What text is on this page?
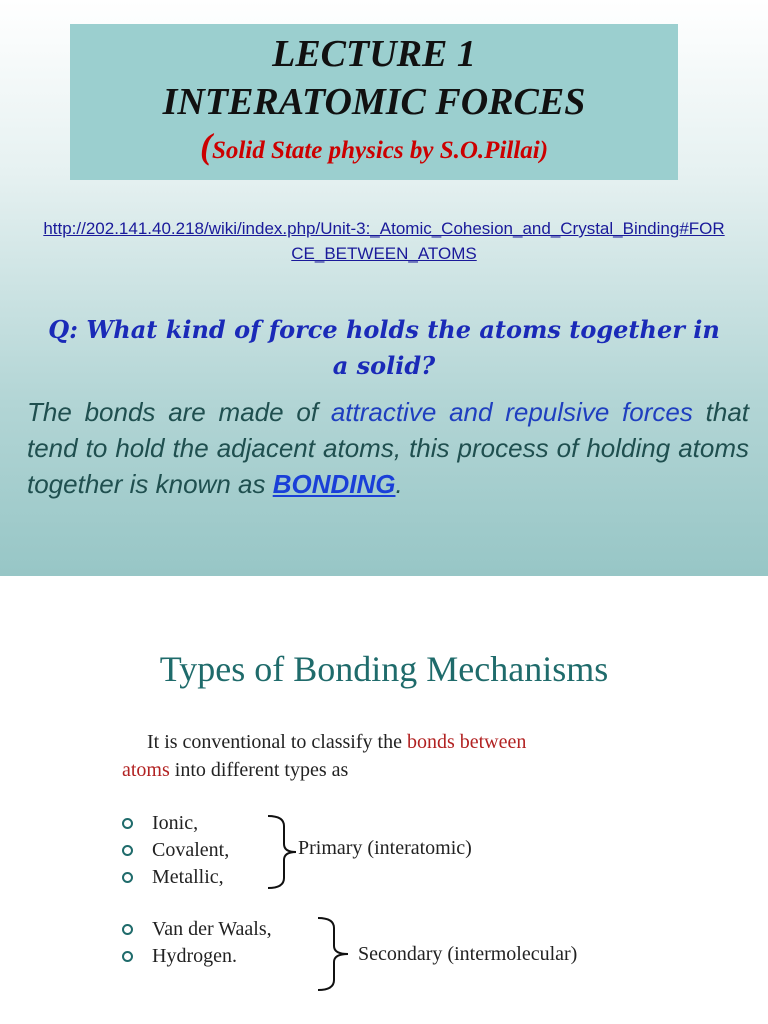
LECTURE 1
INTERATOMIC FORCES
(Solid State physics by S.O.Pillai)
http://202.141.40.218/wiki/index.php/Unit-3:_Atomic_Cohesion_and_Crystal_Binding#FORCE_BETWEEN_ATOMS
Q: What kind of force holds the atoms together in a solid?
The bonds are made of attractive and repulsive forces that tend to hold the adjacent atoms, this process of holding atoms together is known as BONDING.
Types of Bonding Mechanisms
It is conventional to classify the bonds between
atoms into different types as
Ionic,
Covalent,
Metallic,
Primary (interatomic)
Van der Waals,
Hydrogen.	Secondary (intermolecular)
